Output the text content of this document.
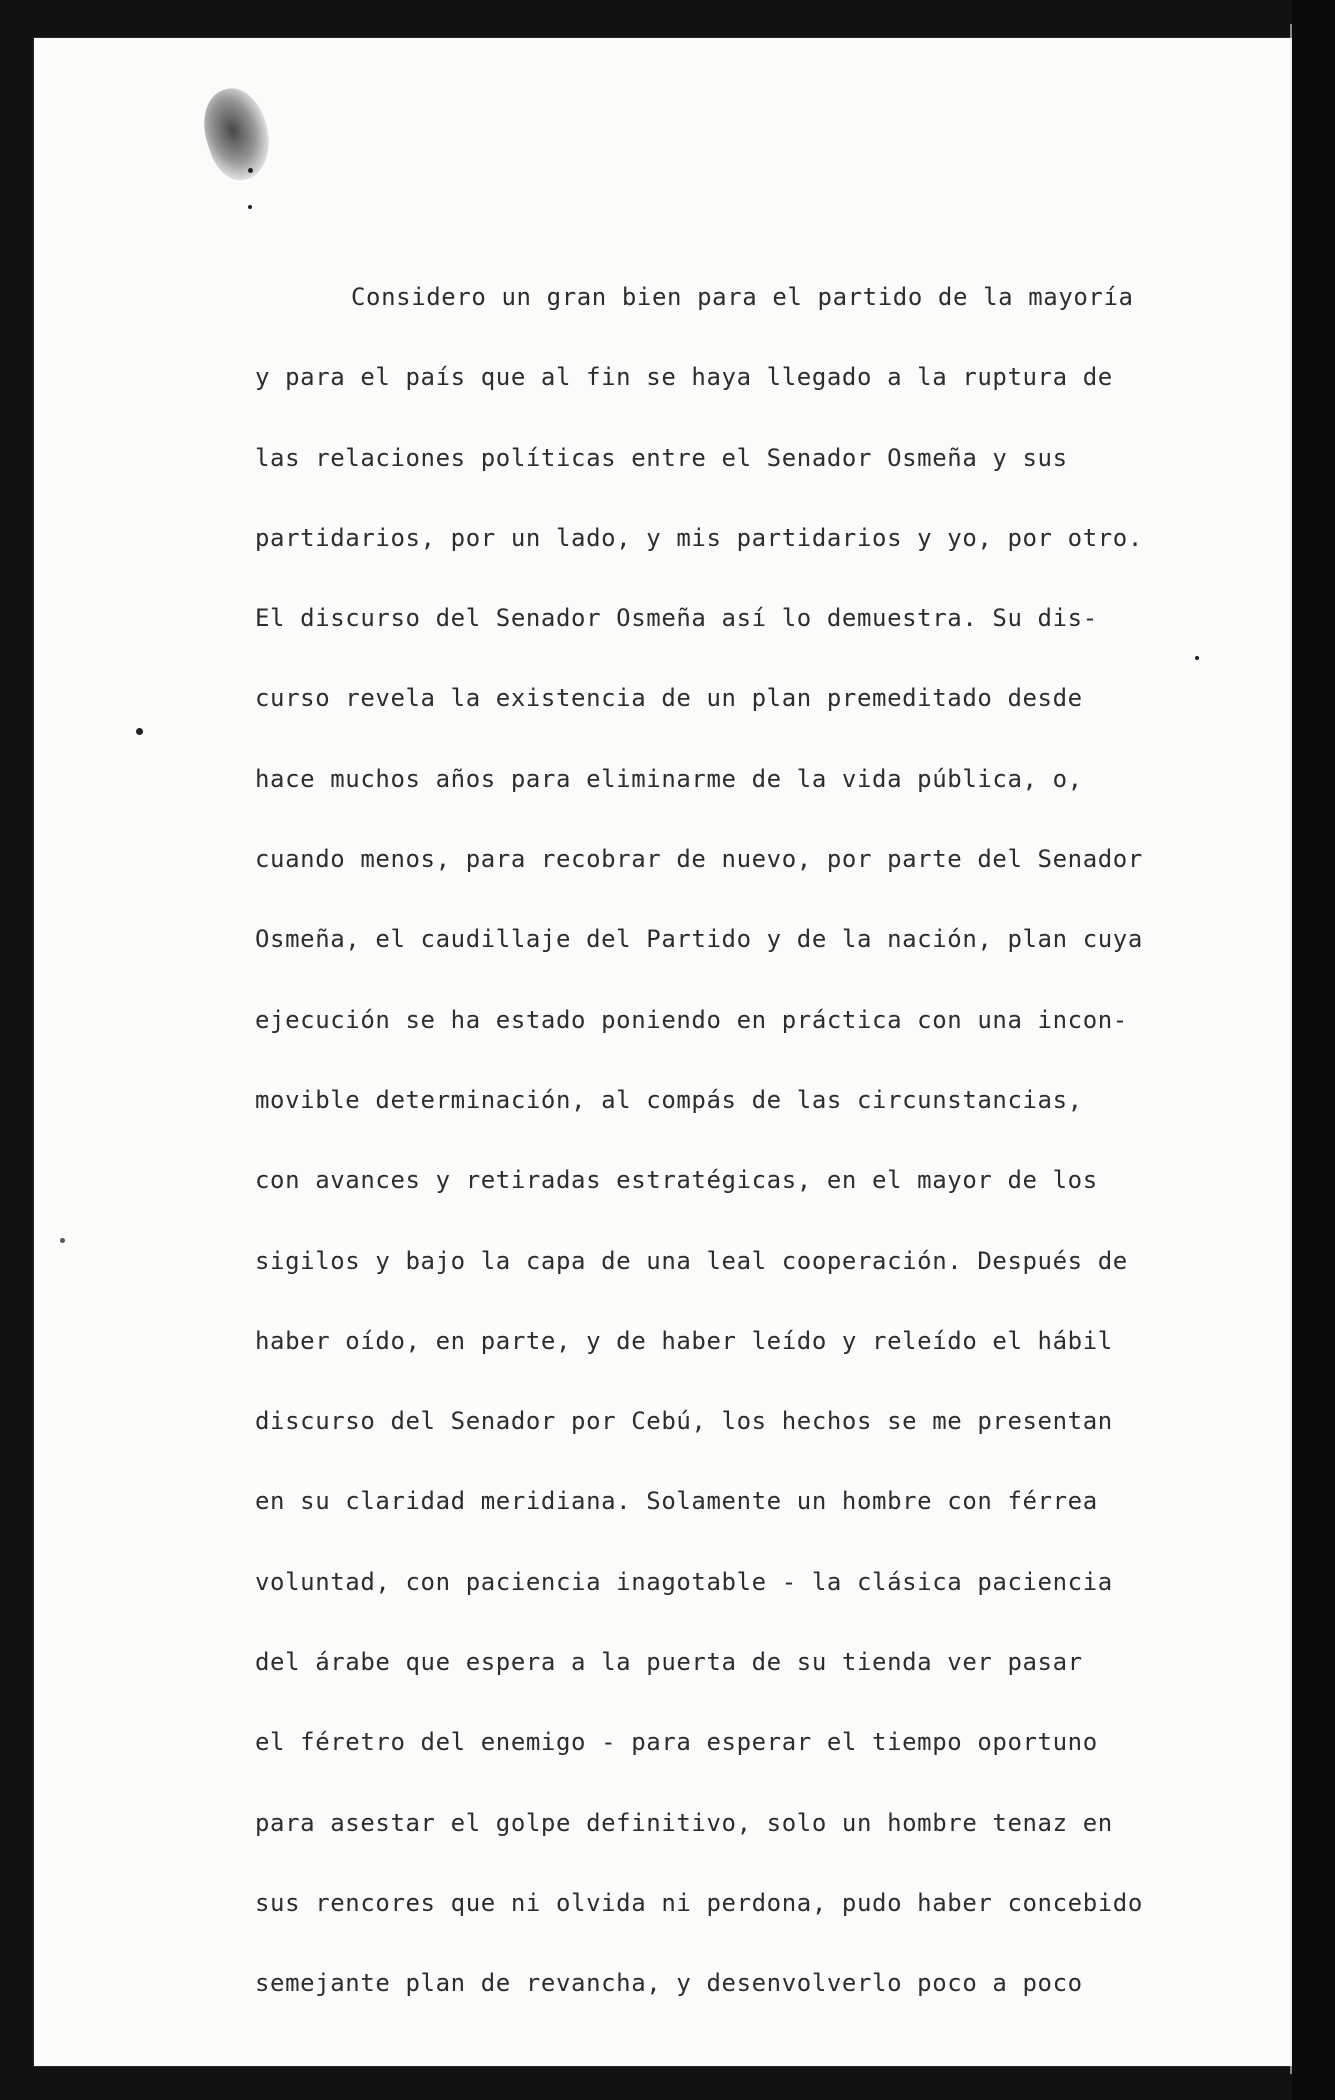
Considero un gran bien para el partido de la mayoría
y para el país que al fin se haya llegado a la ruptura de
las relaciones políticas entre el Senador Osmeña y sus
partidarios, por un lado, y mis partidarios y yo, por otro.
El discurso del Senador Osmeña así lo demuestra. Su dis-
curso revela la existencia de un plan premeditado desde
hace muchos años para eliminarme de la vida pública, o,
cuando menos, para recobrar de nuevo, por parte del Senador
Osmeña, el caudillaje del Partido y de la nación, plan cuya
ejecución se ha estado poniendo en práctica con una incon-
movible determinación, al compás de las circunstancias,
con avances y retiradas estratégicas, en el mayor de los
sigilos y bajo la capa de una leal cooperación. Después de
haber oído, en parte, y de haber leído y releído el hábil
discurso del Senador por Cebú, los hechos se me presentan
en su claridad meridiana. Solamente un hombre con férrea
voluntad, con paciencia inagotable - la clásica paciencia
del árabe que espera a la puerta de su tienda ver pasar
el féretro del enemigo - para esperar el tiempo oportuno
para asestar el golpe definitivo, solo un hombre tenaz en
sus rencores que ni olvida ni perdona, pudo haber concebido
semejante plan de revancha, y desenvolverlo poco a poco
